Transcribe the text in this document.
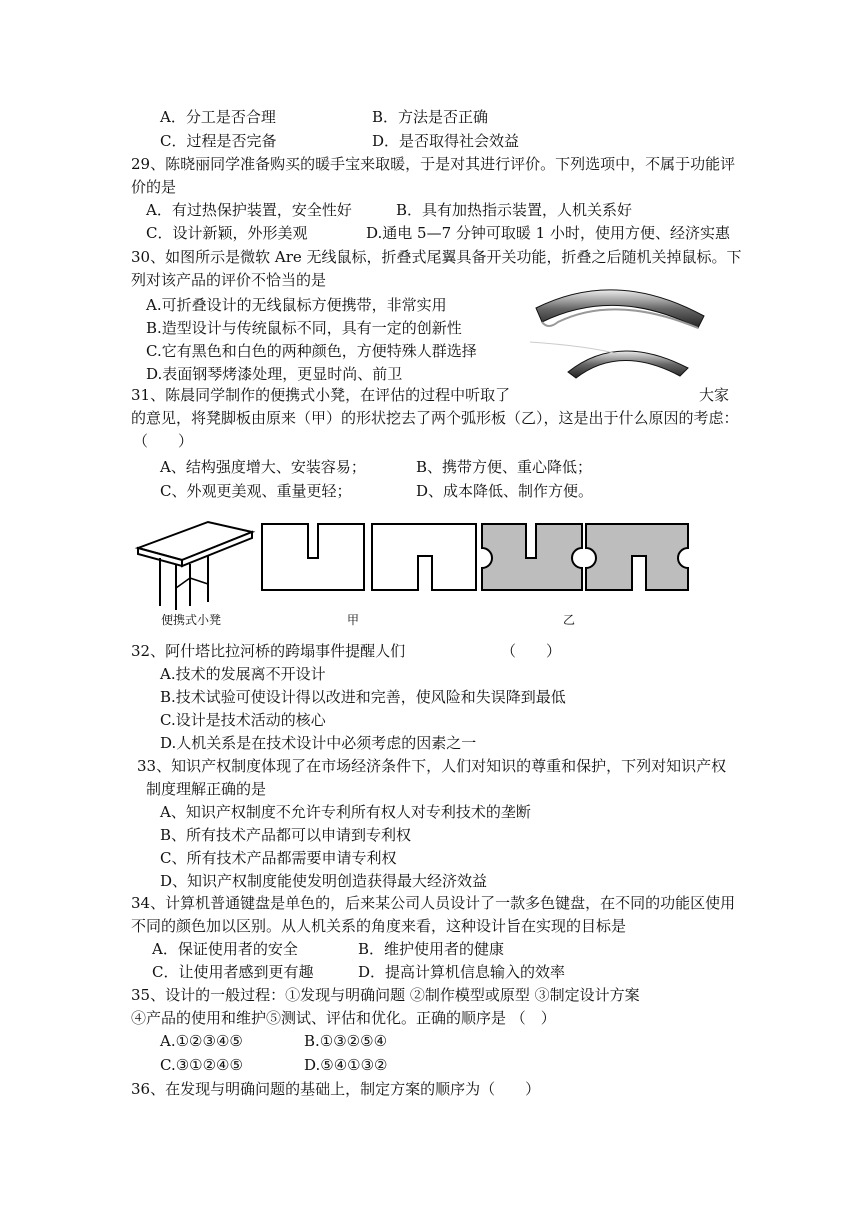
A．分工是否合理	B．方法是否正确
C．过程是否完备	D．是否取得社会效益
29、陈晓丽同学准备购买的暖手宝来取暖，于是对其进行评价。下列选项中，不属于功能评
价的是
A．有过热保护装置，安全性好	B．具有加热指示装置，人机关系好
C．设计新颖，外形美观	D.通电 5—7 分钟可取暖 1 小时，使用方便、经济实惠
30、如图所示是微软 Are 无线鼠标，折叠式尾翼具备开关功能，折叠之后随机关掉鼠标。下
列对该产品的评价不恰当的是
A.可折叠设计的无线鼠标方便携带，非常实用
B.造型设计与传统鼠标不同，具有一定的创新性
C.它有黑色和白色的两种颜色，方便特殊人群选择
D.表面钢琴烤漆处理，更显时尚、前卫
31、陈晨同学制作的便携式小凳，在评估的过程中听取了	大家
的意见，将凳脚板由原来（甲）的形状挖去了两个弧形板（乙），这是出于什么原因的考虑：
（　　）
A、结构强度增大、安装容易；	B、携带方便、重心降低；
C、外观更美观、重量更轻；	D、成本降低、制作方便。
便携式小凳	甲	乙
32、阿什塔比拉河桥的跨塌事件提醒人们	（　　）
A.技术的发展离不开设计
B.技术试验可使设计得以改进和完善，使风险和失误降到最低
C.设计是技术活动的核心
D.人机关系是在技术设计中必须考虑的因素之一
33、知识产权制度体现了在市场经济条件下，人们对知识的尊重和保护，下列对知识产权
制度理解正确的是
A、知识产权制度不允许专利所有权人对专利技术的垄断
B、所有技术产品都可以申请到专利权
C、所有技术产品都需要申请专利权
D、知识产权制度能使发明创造获得最大经济效益
34、计算机普通键盘是单色的，后来某公司人员设计了一款多色键盘，在不同的功能区使用
不同的颜色加以区别。从人机关系的角度来看，这种设计旨在实现的目标是
A．保证使用者的安全	B．维护使用者的健康
C．让使用者感到更有趣	D．提高计算机信息输入的效率
35、设计的一般过程：①发现与明确问题 ②制作模型或原型 ③制定设计方案
④产品的使用和维护⑤测试、评估和优化。正确的顺序是 （　）
A.①②③④⑤	B.①③②⑤④
C.③①②④⑤	D.⑤④①③②
36、在发现与明确问题的基础上，制定方案的顺序为（　　）
